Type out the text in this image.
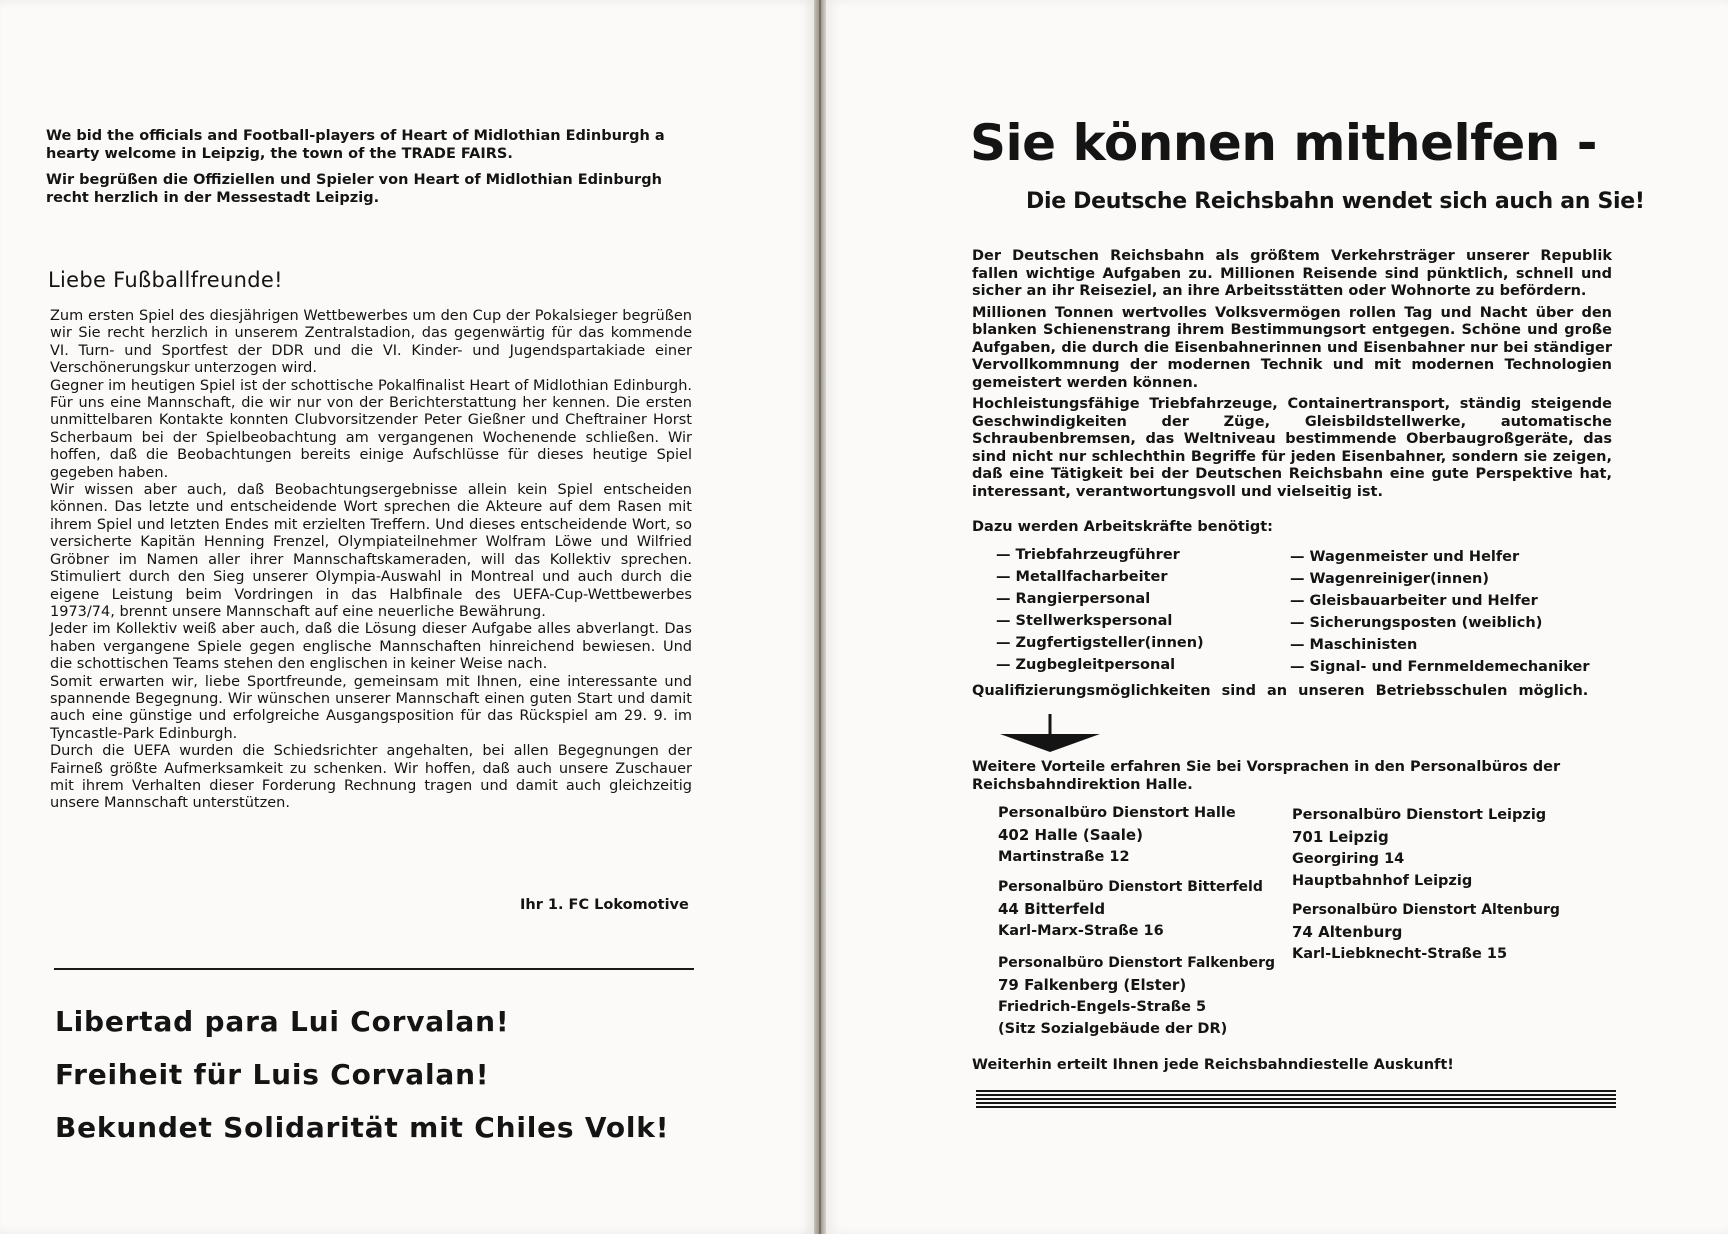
We bid the officials and Football-players of Heart of Midlothian Edinburgh a hearty welcome in Leipzig, the town of the TRADE FAIRS.

Wir begrüßen die Offiziellen und Spieler von Heart of Midlothian Edinburgh recht herzlich in der Messestadt Leipzig.

Liebe Fußballfreunde!

Zum ersten Spiel des diesjährigen Wettbewerbes um den Cup der Pokalsieger begrüßen wir Sie recht herzlich in unserem Zentralstadion, das gegenwärtig für das kommende VI. Turn- und Sportfest der DDR und die VI. Kinder- und Jugendspartakiade einer Verschönerungskur unterzogen wird.

Gegner im heutigen Spiel ist der schottische Pokalfinalist Heart of Midlothian Edinburgh. Für uns eine Mannschaft, die wir nur von der Berichterstattung her kennen. Die ersten unmittelbaren Kontakte konnten Clubvorsitzender Peter Gießner und Cheftrainer Horst Scherbaum bei der Spielbeobachtung am vergangenen Wochenende schließen. Wir hoffen, daß die Beobachtungen bereits einige Aufschlüsse für dieses heutige Spiel gegeben haben.

Wir wissen aber auch, daß Beobachtungsergebnisse allein kein Spiel entscheiden können. Das letzte und entscheidende Wort sprechen die Akteure auf dem Rasen mit ihrem Spiel und letzten Endes mit erzielten Treffern. Und dieses entscheidende Wort, so versicherte Kapitän Henning Frenzel, Olympiateilnehmer Wolfram Löwe und Wilfried Gröbner im Namen aller ihrer Mannschaftskameraden, will das Kollektiv sprechen. Stimuliert durch den Sieg unserer Olympia-Auswahl in Montreal und auch durch die eigene Leistung beim Vordringen in das Halbfinale des UEFA-Cup-Wettbewerbes 1973/74, brennt unsere Mannschaft auf eine neuerliche Bewährung.

Jeder im Kollektiv weiß aber auch, daß die Lösung dieser Aufgabe alles abverlangt. Das haben vergangene Spiele gegen englische Mannschaften hinreichend bewiesen. Und die schottischen Teams stehen den englischen in keiner Weise nach.

Somit erwarten wir, liebe Sportfreunde, gemeinsam mit Ihnen, eine interessante und spannende Begegnung. Wir wünschen unserer Mannschaft einen guten Start und damit auch eine günstige und erfolgreiche Ausgangsposition für das Rückspiel am 29. 9. im Tyncastle-Park Edinburgh.

Durch die UEFA wurden die Schiedsrichter angehalten, bei allen Begegnungen der Fairneß größte Aufmerksamkeit zu schenken. Wir hoffen, daß auch unsere Zuschauer mit ihrem Verhalten dieser Forderung Rechnung tragen und damit auch gleichzeitig unsere Mannschaft unterstützen.

Ihr 1. FC Lokomotive
Libertad para Lui Corvalan!
Freiheit für Luis Corvalan!
Bekundet Solidarität mit Chiles Volk!
Sie können mithelfen -
Die Deutsche Reichsbahn wendet sich auch an Sie!

Der Deutschen Reichsbahn als größtem Verkehrsträger unserer Republik fallen wichtige Aufgaben zu. Millionen Reisende sind pünktlich, schnell und sicher an ihr Reiseziel, an ihre Arbeitsstätten oder Wohnorte zu befördern.

Millionen Tonnen wertvolles Volksvermögen rollen Tag und Nacht über den blanken Schienenstrang ihrem Bestimmungsort entgegen. Schöne und große Aufgaben, die durch die Eisenbahnerinnen und Eisenbahner nur bei ständiger Vervollkommnung der modernen Technik und mit modernen Technologien gemeistert werden können.

Hochleistungsfähige Triebfahrzeuge, Containertransport, ständig steigende Geschwindigkeiten der Züge, Gleisbildstellwerke, automatische Schraubenbremsen, das Weltniveau bestimmende Oberbaugroßgeräte, das sind nicht nur schlechthin Begriffe für jeden Eisenbahner, sondern sie zeigen, daß eine Tätigkeit bei der Deutschen Reichsbahn eine gute Perspektive hat, interessant, verantwortungsvoll und vielseitig ist.

Dazu werden Arbeitskräfte benötigt:
— Triebfahrzeugführer
— Metallfacharbeiter
— Rangierpersonal
— Stellwerkspersonal
— Zugfertigsteller(innen)
— Zugbegleitpersonal
— Wagenmeister und Helfer
— Wagenreiniger(innen)
— Gleisbauarbeiter und Helfer
— Sicherungsposten (weiblich)
— Maschinisten
— Signal- und Fernmeldemechaniker
Qualifizierungsmöglichkeiten sind an unseren Betriebsschulen möglich.
Weitere Vorteile erfahren Sie bei Vorsprachen in den Personalbüros der Reichsbahndirektion Halle.
Personalbüro Dienstort Halle
402 Halle (Saale)
Martinstraße 12
Personalbüro Dienstort Bitterfeld
44 Bitterfeld
Karl-Marx-Straße 16
Personalbüro Dienstort Falkenberg
79 Falkenberg (Elster)
Friedrich-Engels-Straße 5
(Sitz Sozialgebäude der DR)
Personalbüro Dienstort Leipzig
701 Leipzig
Georgiring 14
Hauptbahnhof Leipzig
Personalbüro Dienstort Altenburg
74 Altenburg
Karl-Liebknecht-Straße 15
Weiterhin erteilt Ihnen jede Reichsbahndiestelle Auskunft!
